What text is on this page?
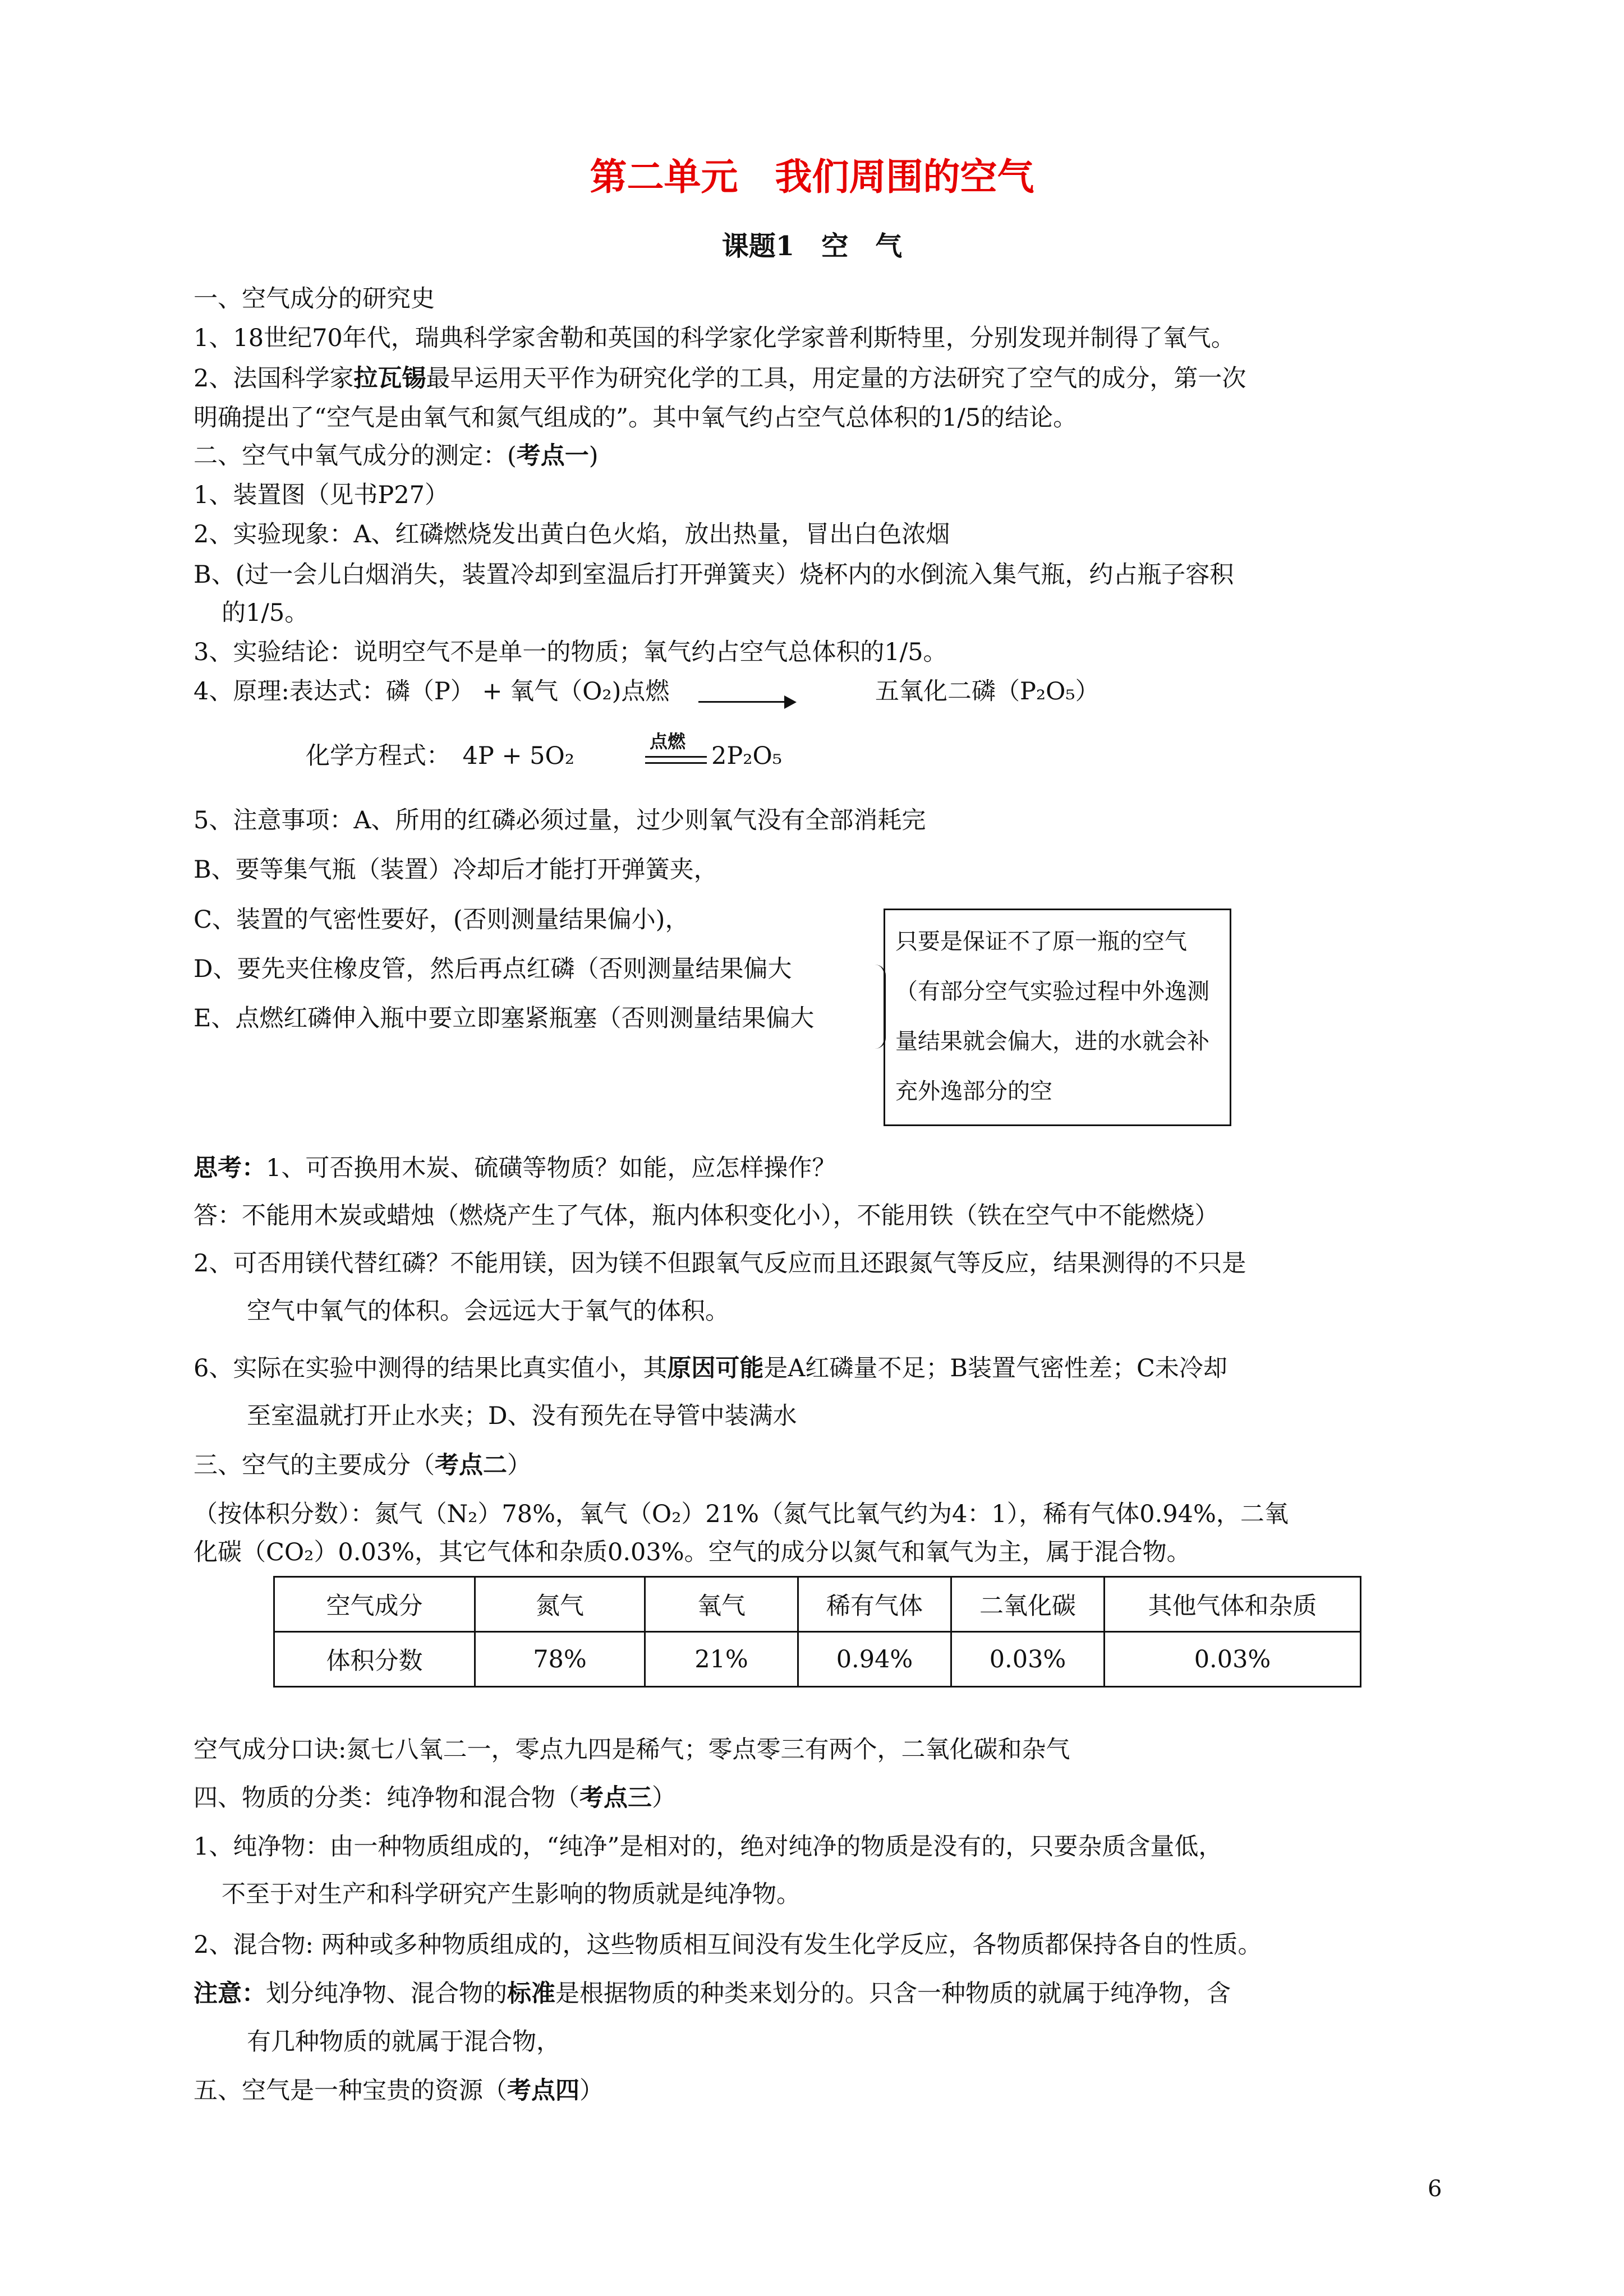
第二单元　我们周围的空气
课题1　空　气
一、空气成分的研究史
1、18世纪70年代，瑞典科学家舍勒和英国的科学家化学家普利斯特里，分别发现并制得了氧气。
2、法国科学家拉瓦锡最早运用天平作为研究化学的工具，用定量的方法研究了空气的成分，第一次
明确提出了“空气是由氧气和氮气组成的”。其中氧气约占空气总体积的1/5的结论。
二、空气中氧气成分的测定：(考点一)
1、装置图（见书P27）
2、实验现象：A、红磷燃烧发出黄白色火焰，放出热量，冒出白色浓烟
B、(过一会儿白烟消失，装置冷却到室温后打开弹簧夹）烧杯内的水倒流入集气瓶，约占瓶子容积
的1/5。
3、实验结论：说明空气不是单一的物质；氧气约占空气总体积的1/5。
4、原理:表达式：磷（P） + 氧气（O₂)点燃	五氧化二磷（P₂O₅）
化学方程式：　4P + 5O₂
点燃
2P₂O₅
5、注意事项：A、所用的红磷必须过量，过少则氧气没有全部消耗完
B、要等集气瓶（装置）冷却后才能打开弹簧夹，
C、装置的气密性要好，(否则测量结果偏小)，
D、要先夹住橡皮管，然后再点红磷（否则测量结果偏大
E、点燃红磷伸入瓶中要立即塞紧瓶塞（否则测量结果偏大
只要是保证不了原一瓶的空气（有部分空气实验过程中外逸测量结果就会偏大，进的水就会补充外逸部分的空
思考：1、可否换用木炭、硫磺等物质？如能，应怎样操作？
答：不能用木炭或蜡烛（燃烧产生了气体，瓶内体积变化小），不能用铁（铁在空气中不能燃烧）
2、可否用镁代替红磷？不能用镁，因为镁不但跟氧气反应而且还跟氮气等反应，结果测得的不只是
空气中氧气的体积。会远远大于氧气的体积。
6、实际在实验中测得的结果比真实值小，其原因可能是A红磷量不足；B装置气密性差；C未冷却
至室温就打开止水夹；D、没有预先在导管中装满水
三、空气的主要成分（考点二）
（按体积分数）：氮气（N₂）78%，氧气（O₂）21%（氮气比氧气约为4：1），稀有气体0.94%，二氧
化碳（CO₂）0.03%，其它气体和杂质0.03%。空气的成分以氮气和氧气为主，属于混合物。
空气成分	氮气	氧气	稀有气体	二氧化碳	其他气体和杂质
体积分数	78%	21%	0.94%	0.03%	0.03%
空气成分口诀:氮七八氧二一，零点九四是稀气；零点零三有两个，二氧化碳和杂气
四、物质的分类：纯净物和混合物（考点三）
1、纯净物：由一种物质组成的，“纯净”是相对的，绝对纯净的物质是没有的，只要杂质含量低，
不至于对生产和科学研究产生影响的物质就是纯净物。
2、混合物: 两种或多种物质组成的，这些物质相互间没有发生化学反应，各物质都保持各自的性质。
注意：划分纯净物、混合物的标准是根据物质的种类来划分的。只含一种物质的就属于纯净物，含
有几种物质的就属于混合物，
五、空气是一种宝贵的资源（考点四）
6
